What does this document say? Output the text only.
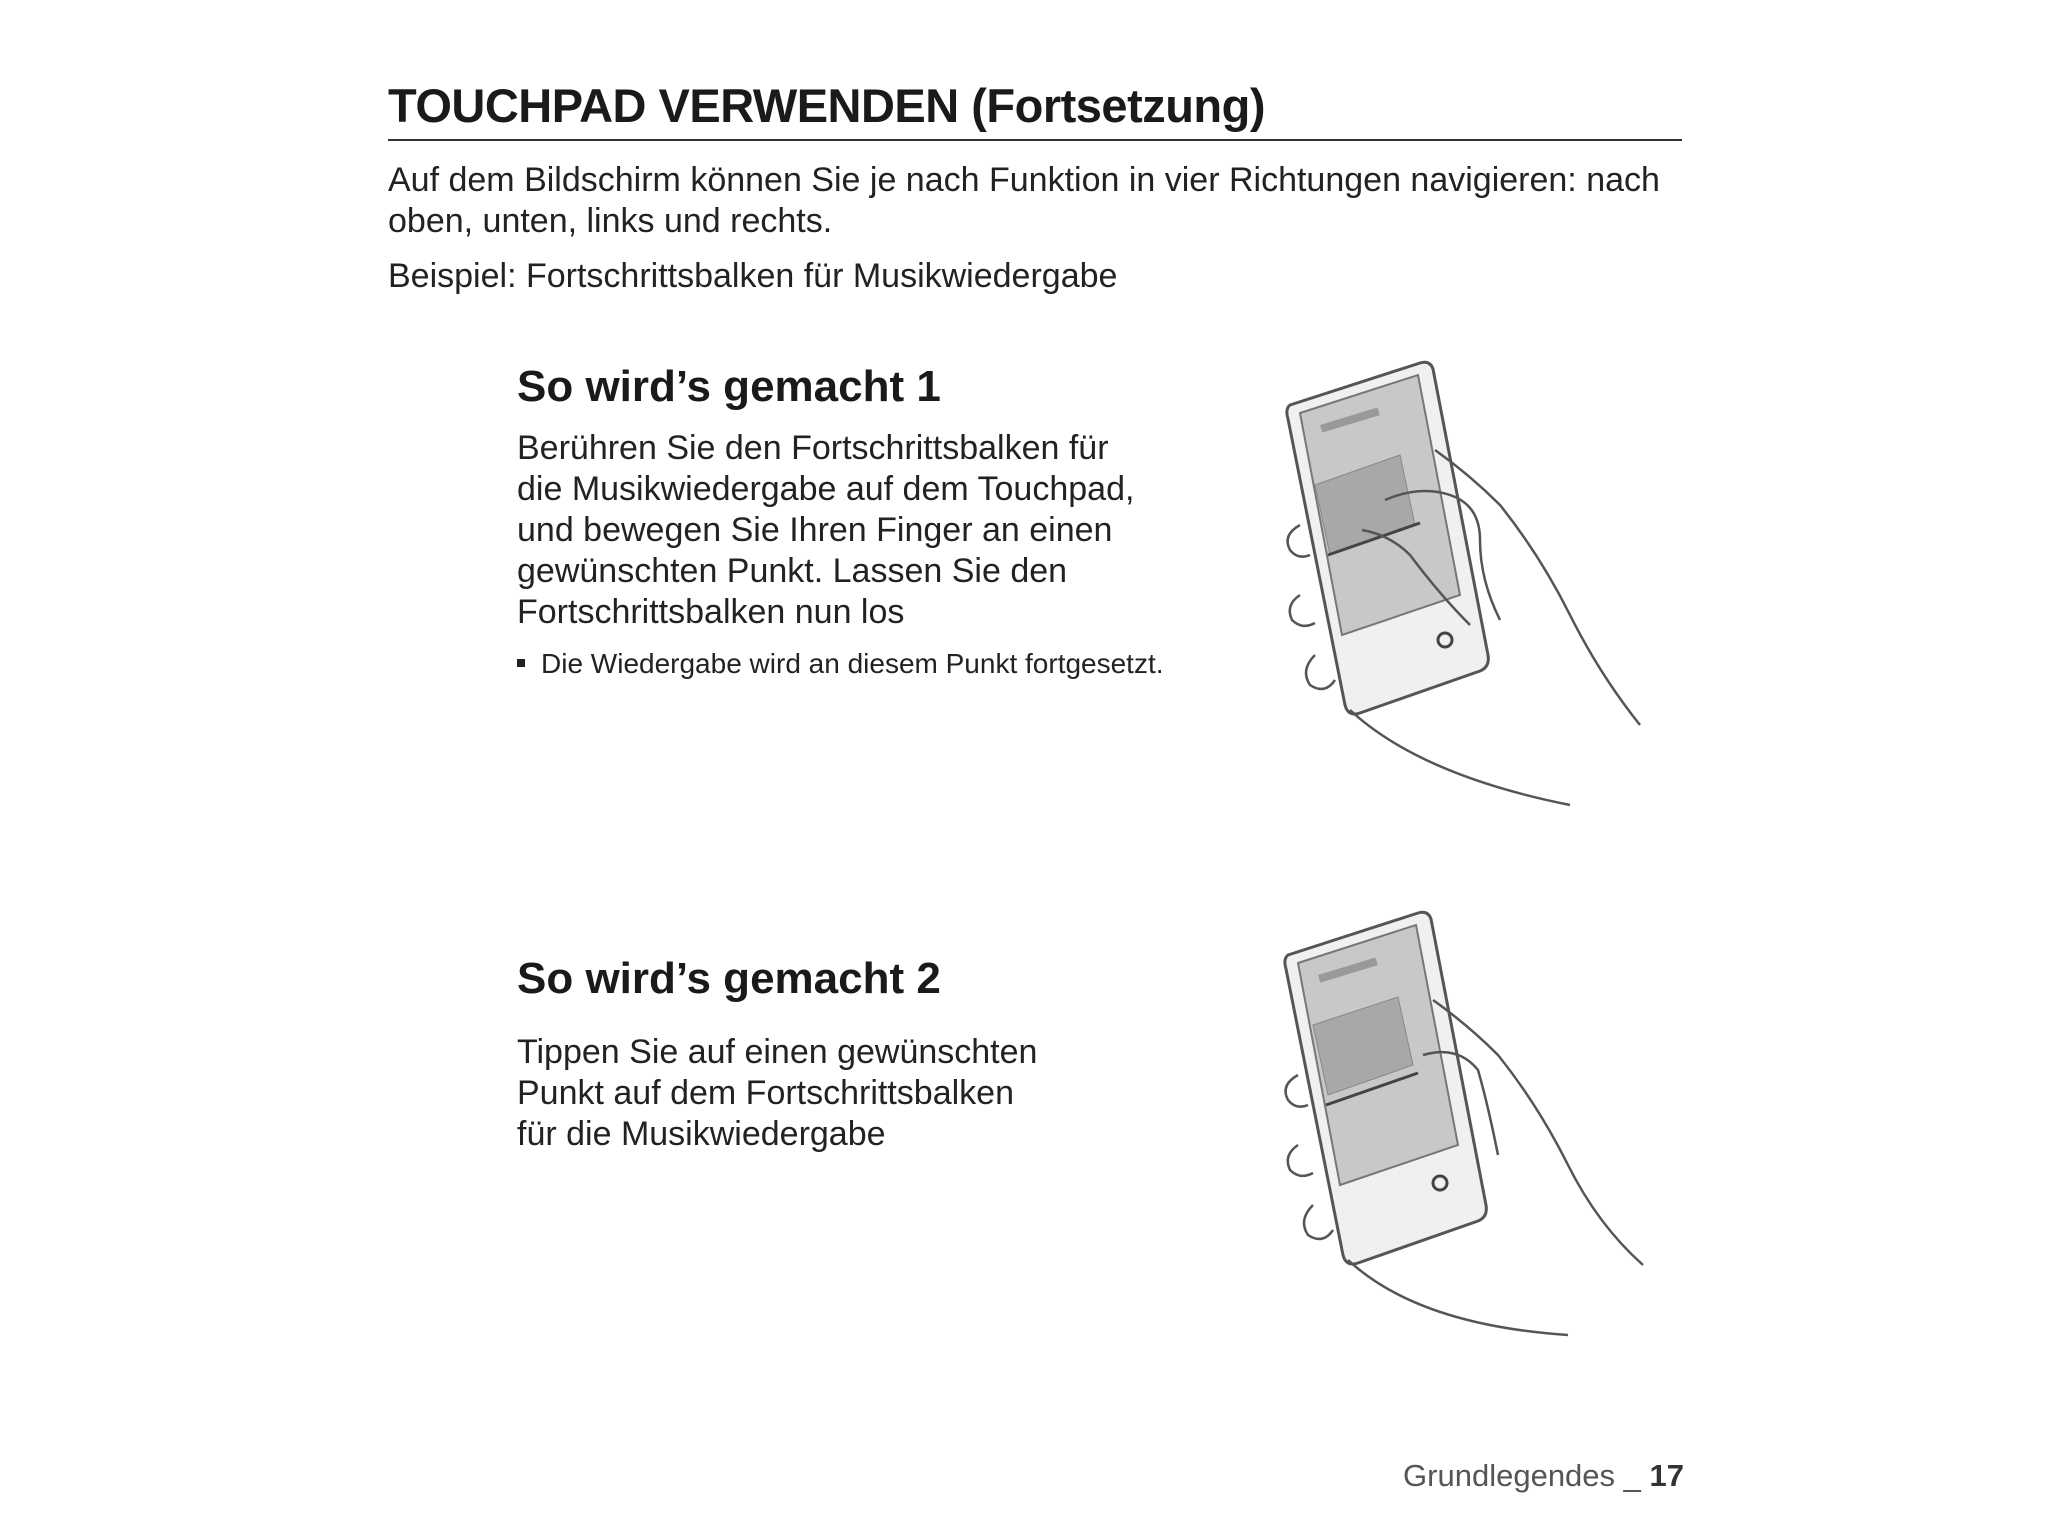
TOUCHPAD VERWENDEN (Fortsetzung)
Auf dem Bildschirm können Sie je nach Funktion in vier Richtungen navigieren: nach oben, unten, links und rechts.
Beispiel: Fortschrittsbalken für Musikwiedergabe
So wird’s gemacht 1
Berühren Sie den Fortschrittsbalken für
die Musikwiedergabe auf dem Touchpad,
und bewegen Sie Ihren Finger an einen
gewünschten Punkt. Lassen Sie den
Fortschrittsbalken nun los
Die Wiedergabe wird an diesem Punkt fortgesetzt.
So wird’s gemacht 2
Tippen Sie auf einen gewünschten
Punkt auf dem Fortschrittsbalken
für die Musikwiedergabe
Grundlegendes _ 17
